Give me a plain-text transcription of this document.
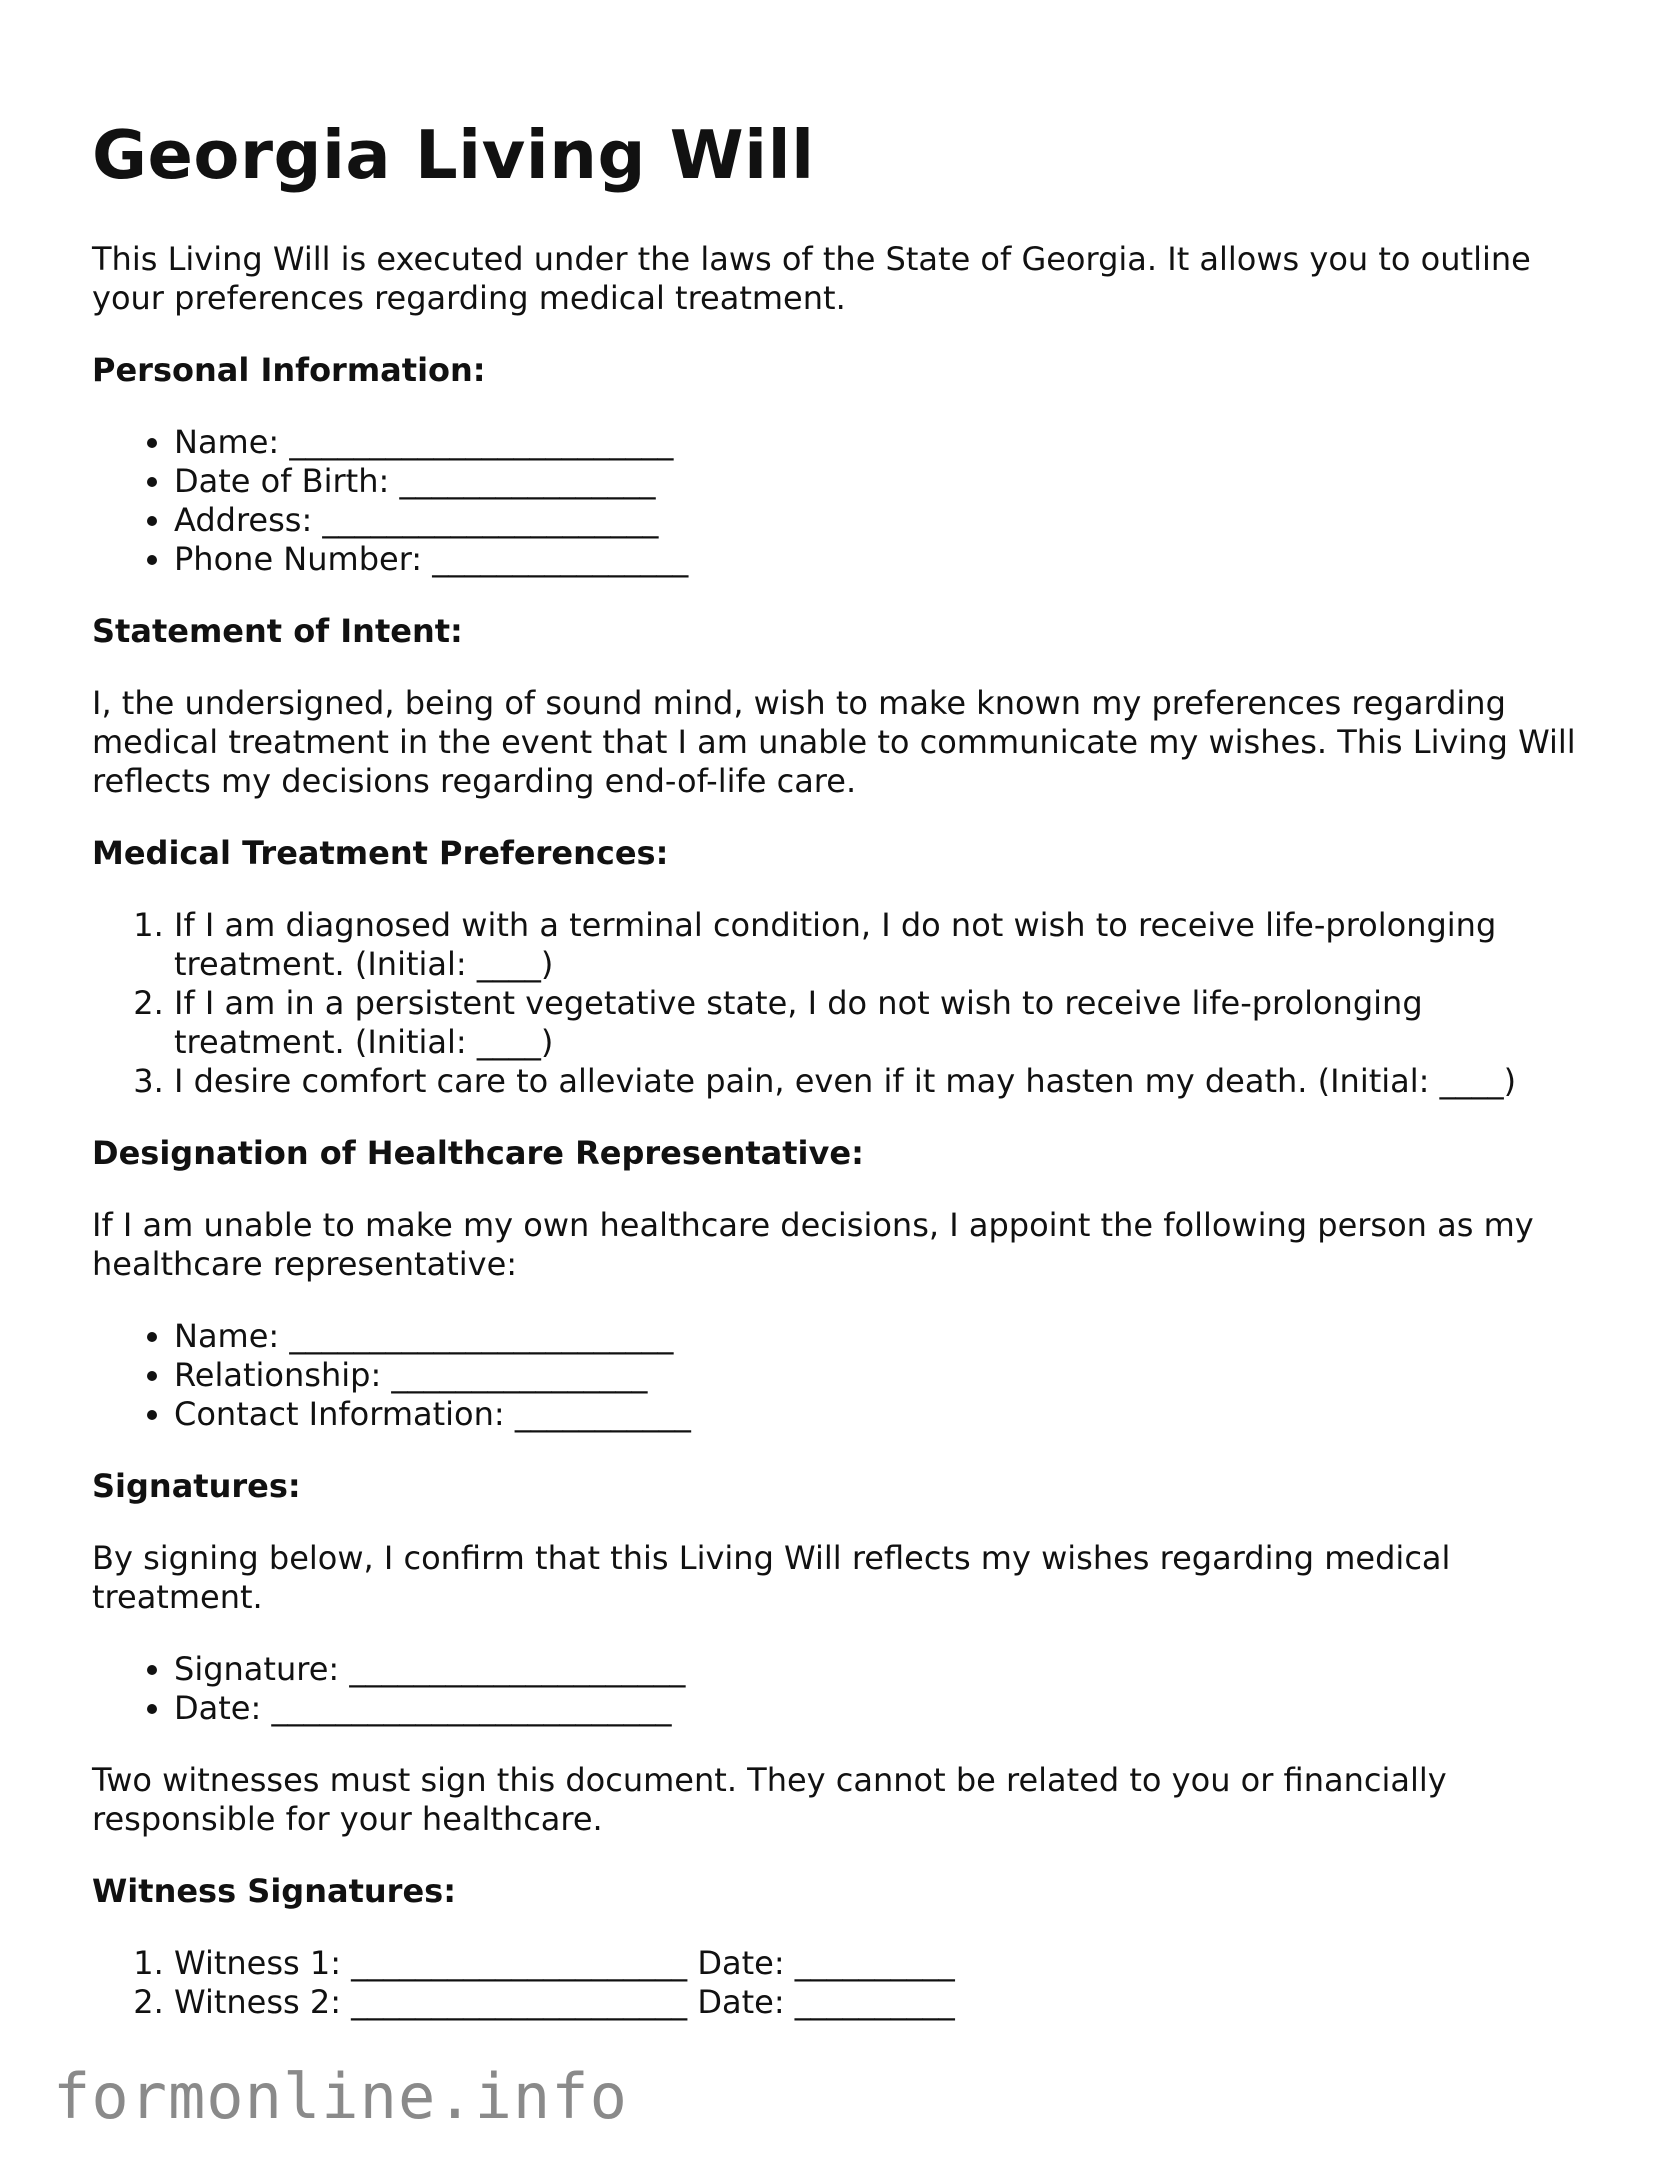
Georgia Living Will

This Living Will is executed under the laws of the State of Georgia. It allows you to outline your preferences regarding medical treatment.

Personal Information:
• Name: ________________________
• Date of Birth: ________________
• Address: _____________________
• Phone Number: ________________
Statement of Intent:

I, the undersigned, being of sound mind, wish to make known my preferences regarding medical treatment in the event that I am unable to communicate my wishes. This Living Will reflects my decisions regarding end-of-life care.

Medical Treatment Preferences:
1. If I am diagnosed with a terminal condition, I do not wish to receive life-prolonging treatment. (Initial: ____)
2. If I am in a persistent vegetative state, I do not wish to receive life-prolonging treatment. (Initial: ____)
3. I desire comfort care to alleviate pain, even if it may hasten my death. (Initial: ____)
Designation of Healthcare Representative:

If I am unable to make my own healthcare decisions, I appoint the following person as my healthcare representative:

• Name: ________________________
• Relationship: ________________
• Contact Information: ___________
Signatures:

By signing below, I confirm that this Living Will reflects my wishes regarding medical treatment.

• Signature: _____________________
• Date: _________________________

Two witnesses must sign this document. They cannot be related to you or financially responsible for your healthcare.

Witness Signatures:
1. Witness 1: _____________________ Date: __________
2. Witness 2: _____________________ Date: __________
formonline.info
